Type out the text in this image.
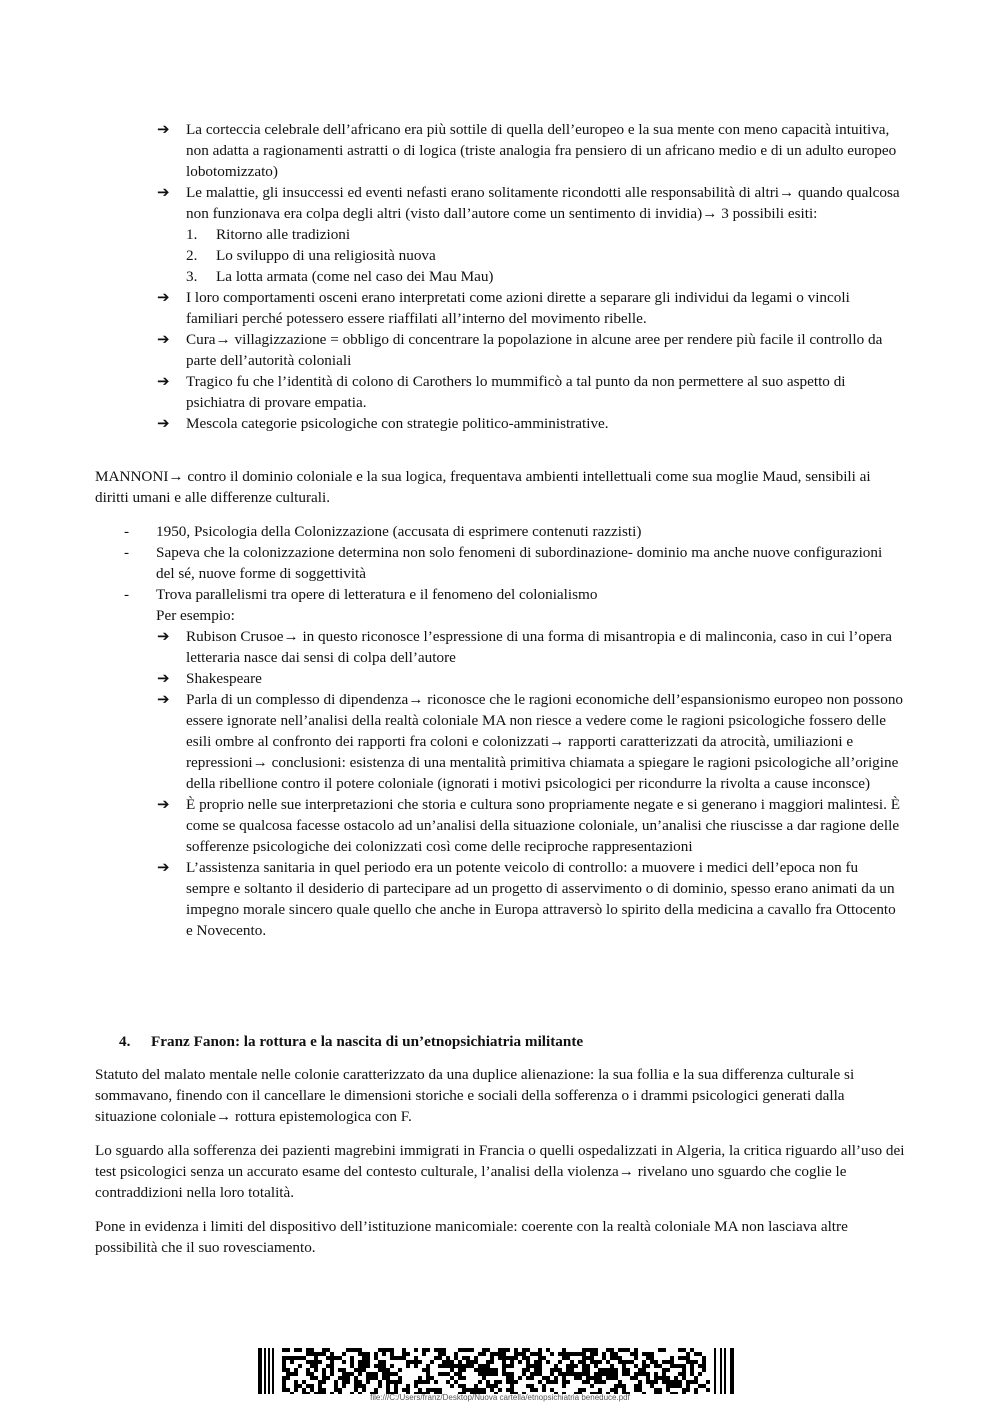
➔ La corteccia celebrale dell’africano era più sottile di quella dell’europeo e la sua mente con meno capacità intuitiva, non adatta a ragionamenti astratti o di logica (triste analogia fra pensiero di un africano medio e di un adulto europeo lobotomizzato)
➔ Le malattie, gli insuccessi ed eventi nefasti erano solitamente ricondotti alle responsabilità di altri→ quando qualcosa non funzionava era colpa degli altri (visto dall’autore come un sentimento di invidia)→ 3 possibili esiti:
1. Ritorno alle tradizioni
2. Lo sviluppo di una religiosità nuova
3. La lotta armata (come nel caso dei Mau Mau)
➔ I loro comportamenti osceni erano interpretati come azioni dirette a separare gli individui da legami o vincoli familiari perché potessero essere riaffilati all’interno del movimento ribelle.
➔ Cura→ villagizzazione = obbligo di concentrare la popolazione in alcune aree per rendere più facile il controllo da parte dell’autorità coloniali
➔ Tragico fu che l’identità di colono di Carothers lo mummificò a tal punto da non permettere al suo aspetto di psichiatra di provare empatia.
➔ Mescola categorie psicologiche con strategie politico-amministrative.
MANNONI→ contro il dominio coloniale e la sua logica, frequentava ambienti intellettuali come sua moglie Maud, sensibili ai diritti umani e alle differenze culturali.
- 1950, Psicologia della Colonizzazione (accusata di esprimere contenuti razzisti)
- Sapeva che la colonizzazione determina non solo fenomeni di subordinazione- dominio ma anche nuove configurazioni del sé, nuove forme di soggettività
- Trova parallelismi tra opere di letteratura e il fenomeno del colonialismo
Per esempio:
➔ Rubison Crusoe→ in questo riconosce l’espressione di una forma di misantropia e di malinconia, caso in cui l’opera letteraria nasce dai sensi di colpa dell’autore
➔ Shakespeare
➔ Parla di un complesso di dipendenza→ riconosce che le ragioni economiche dell’espansionismo europeo non possono essere ignorate nell’analisi della realtà coloniale MA non riesce a vedere come le ragioni psicologiche fossero delle esili ombre al confronto dei rapporti fra coloni e colonizzati→ rapporti caratterizzati da atrocità, umiliazioni e repressioni→ conclusioni: esistenza di una mentalità primitiva chiamata a spiegare le ragioni psicologiche all’origine della ribellione contro il potere coloniale (ignorati i motivi psicologici per ricondurre la rivolta a cause inconsce)
➔ È proprio nelle sue interpretazioni che storia e cultura sono propriamente negate e si generano i maggiori malintesi. È come se qualcosa facesse ostacolo ad un’analisi della situazione coloniale, un’analisi che riuscisse a dar ragione delle sofferenze psicologiche dei colonizzati così come delle reciproche rappresentazioni
➔ L’assistenza sanitaria in quel periodo era un potente veicolo di controllo: a muovere i medici dell’epoca non fu sempre e soltanto il desiderio di partecipare ad un progetto di asservimento o di dominio, spesso erano animati da un impegno morale sincero quale quello che anche in Europa attraversò lo spirito della medicina a cavallo fra Ottocento e Novecento.
4. Franz Fanon: la rottura e la nascita di un’etnopsichiatria militante
Statuto del malato mentale nelle colonie caratterizzato da una duplice alienazione: la sua follia e la sua differenza culturale si sommavano, finendo con il cancellare le dimensioni storiche e sociali della sofferenza o i drammi psicologici generati dalla situazione coloniale→ rottura epistemologica con F.
Lo sguardo alla sofferenza dei pazienti magrebini immigrati in Francia o quelli ospedalizzati in Algeria, la critica riguardo all’uso dei test psicologici senza un accurato esame del contesto culturale, l’analisi della violenza→ rivelano uno sguardo che coglie le contraddizioni nella loro totalità.
Pone in evidenza i limiti del dispositivo dell’istituzione manicomiale: coerente con la realtà coloniale MA non lasciava altre possibilità che il suo rovesciamento.
file:///C:/Users/franz/Desktop/Nuova cartella/etnopsichiatria beneduce.pdf
